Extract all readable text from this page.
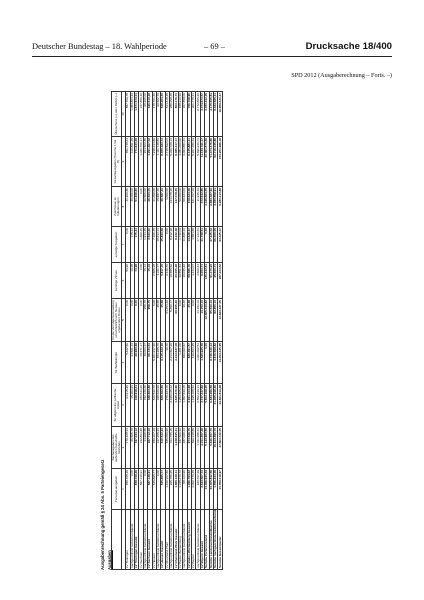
Deutscher Bundestag – 18. Wahlperiode	– 69 –	Drucksache 18/400
SPD 2012 (Ausgaberechnung – Forts. –)
Ausgabenrechnung gemäß § 24 Abs. 5 Parteiengesetz Ausgaben
	Personal-ausgaben	Sachausgaben des laufenden Geschäftsbetriebes	für allgemeine politische Arbeit	für Wahlkämpfe	für die Vermögensverwaltung einschließlich sich hieraus ergebender Zinsen	sonstige Zinsen	sonstige Ausgaben	Zuschüsse an Gliederungen	Gesamtausgaben (Summe 1 bis 8)	Überschuss (+) oder Defizit (–)
	1	2	3	4	5	6	7	8	9	10
LV Thüringen	658.708,39	170.468,34	94.615,20	5.462,56	0,00	56,90	0,00	11.209,80	651.748,64	587.709,78
nachgeordnete Gebietsverbände	0,00	26.565,78	15.303,21	24.521,13	0,00	16,38	175,31	40.000,00	119.891,45	1.083.863,23
LV Thüringen Gesamt	658.708,39	197.034,12	109.918,41	29.983,69	0,00	73,28	175,31	51.209,80	771.640,09	1.671.573,01
LV Sachsen	587.138,91	232.803,68	186.543,26	18.671,17	0,00	0,00	1.609,15	0,00	1.026.766,17	227.859,26
nachgeordnete Gebietsverbände	0,00	34.908,55	152.120,60	48.063,37	958,75	15,13	1.934,45	26.500,00	264.500,85	98.660,02
LV Sachsen Gesamt	587.138,91	267.712,23	338.663,86	66.734,54	958,75	15,13	3.543,60	26.500,00	1.291.267,02	326.519,28
LV Hessen	545.895,77	489.367,19	510.532,70	5.661.937,40	0,00	2.505,38	7.190,45	21.000,00	7.238.433,89	478.701,66
nachgeordnete Gebietsverbände	0,00	127.155,23	338.629,96	453.385,76	45,58	3.311,77	18.633,13	15.587,40	1.111.748,83	69.562,79
LV Hessen Gesamt	545.895,77	616.522,42	849.162,66	6.115.323,16	45,58	5.817,15	25.823,58	36.587,40	8.350.182,72	548.264,45
LV Rheinland-Pfalz	1.639.367,86	485.059,96	278.223,70	39,70	64.454,69	9.449,76	0,00	3.000,00	2.718.592,04	514.818,25
nachgeordnete Gebietsverbände	225.780,25	763.785,35	2.198.045,12	2.213.597,39	5.450,77	10.555,52	8.232,38	124.078,35	5.366.725,13	288.358,45
LV Rheinland-Pfalz Gesamt	1.865.148,11	1.248.845,31	1.625.376,96	2.213.637,09	69.905,46	20.005,28	8.232,38	127.078,35	8.085.317,17	803.176,70
LV Baden-Württemberg	1.338.670,72	487.506,62	1.253.565,64	1.201,00	0,00	49.551,54	1.730,04	59.000,00	3.081.000,00	458.910,96
nachgeordnete Gebietsverbände	58.123,90	487.020,13	1.657.539,35	829.090,57	30,48	10.035,22	11.898,33	50.624,06	3.064.881,41	307.858,00
LV Baden-Württemberg Gesamt	1.396.794,62	974.526,75	2.911.104,99	830.291,57	30,48	59.586,76	13.628,37	109.624,06	6.145.881,41	766.768,96
LV Bayern	3.002.770,45	599.348,85	1.195.108,51	439.863,25	0,00	4.444,07	4.584,88	461.707,36	5.267.480,43	301.778,31
nachgeordnete Gebietsverbände	620.797,29	1.611.958,63	2.552.339,31	1.091.062,51	14.153,10	4.560,64	17.123,63	11.935,49	5.896.930,74	2.772.895,26
LV Bayern Gesamt	3.623.567,74	2.211.307,48	3.747.447,82	1.530.925,76	14.153,10	9.004,71	21.708,51	473.642,85	11.164.411,17	3.074.673,57
Summe Parteivorstand	14.496.934,33	5.123.983,55	5.603.168,25	0,00	12.665.343,82	130.432,61	0,00	3.346.664,05	40.061.573,46	3.450.342,35
Summe Landesverbände/Bezirke	23.005.842,58	5.626.357,75	6.833.296,58	8.726.536,13	85.543,13	91.170,20	27.425,02	2.883.187,92	51.474.376,86	4.175.505,81
Summe nachgeordnete Gebietsverbände	1.556.243,06	16.913.390,75	31.405.349,46	4.676.599,82	82.350,10	45.500,71	66.000,05	3.050.558,91	62.716.035,86	9.333.585,31
Summe Gesamtpartei	40.059.019,97	27.663.732,05	43.841.813,28	13.403.135,95	12.833.237,05	267.103,52	93.425,07	9.280.410,88	154.251.986,18	16.959.433,47
